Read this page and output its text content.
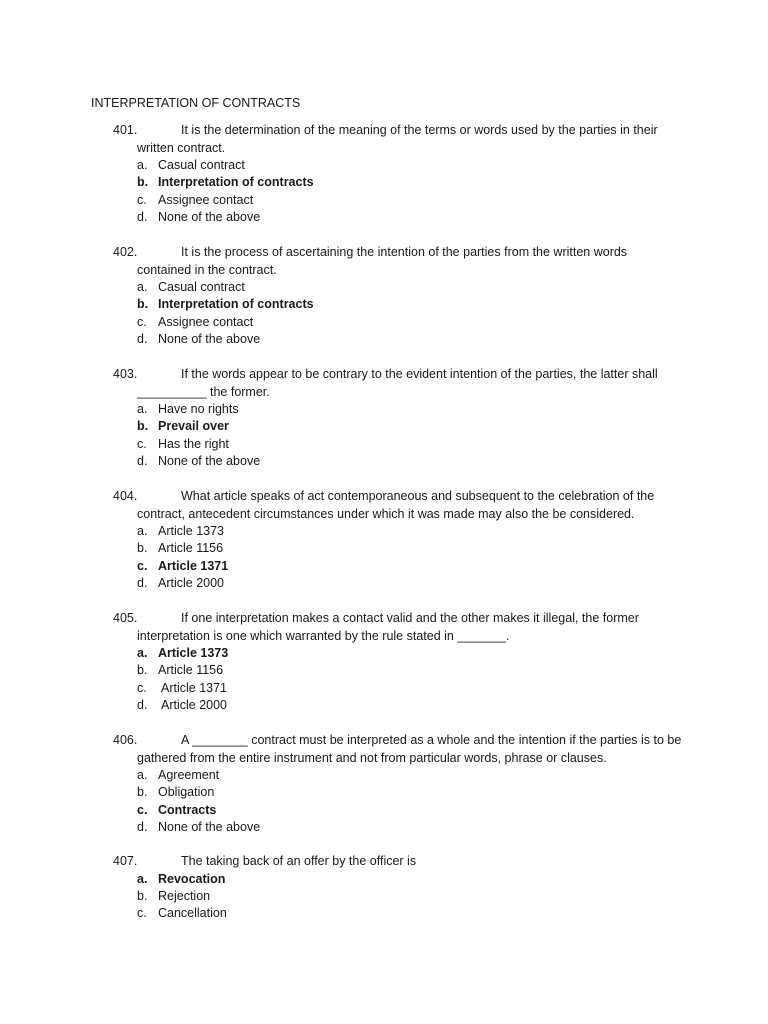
INTERPRETATION OF CONTRACTS
401.	It is the determination of the meaning of the terms or words used by the parties in their written contract.
a. Casual contract
b. Interpretation of contracts
c. Assignee contact
d. None of the above
402.	It is the process of ascertaining the intention of the parties from the written words contained in the contract.
a. Casual contract
b. Interpretation of contracts
c. Assignee contact
d. None of the above
403.	If the words appear to be contrary to the evident intention of the parties, the latter shall __________ the former.
a. Have no rights
b. Prevail over
c. Has the right
d. None of the above
404.	What article speaks of act contemporaneous and subsequent to the celebration of the contract, antecedent circumstances under which it was made may also the be considered.
a. Article 1373
b. Article 1156
c. Article 1371
d. Article 2000
405.	If one interpretation makes a contact valid and the other makes it illegal, the former interpretation is one which warranted by the rule stated in _______.
a. Article 1373
b. Article 1156
c. Article 1371
d. Article 2000
406.	A ________ contract must be interpreted as a whole and the intention if the parties is to be gathered from the entire instrument and not from particular words, phrase or clauses.
a. Agreement
b. Obligation
c. Contracts
d. None of the above
407.	The taking back of an offer by the officer is
a. Revocation
b. Rejection
c. Cancellation
